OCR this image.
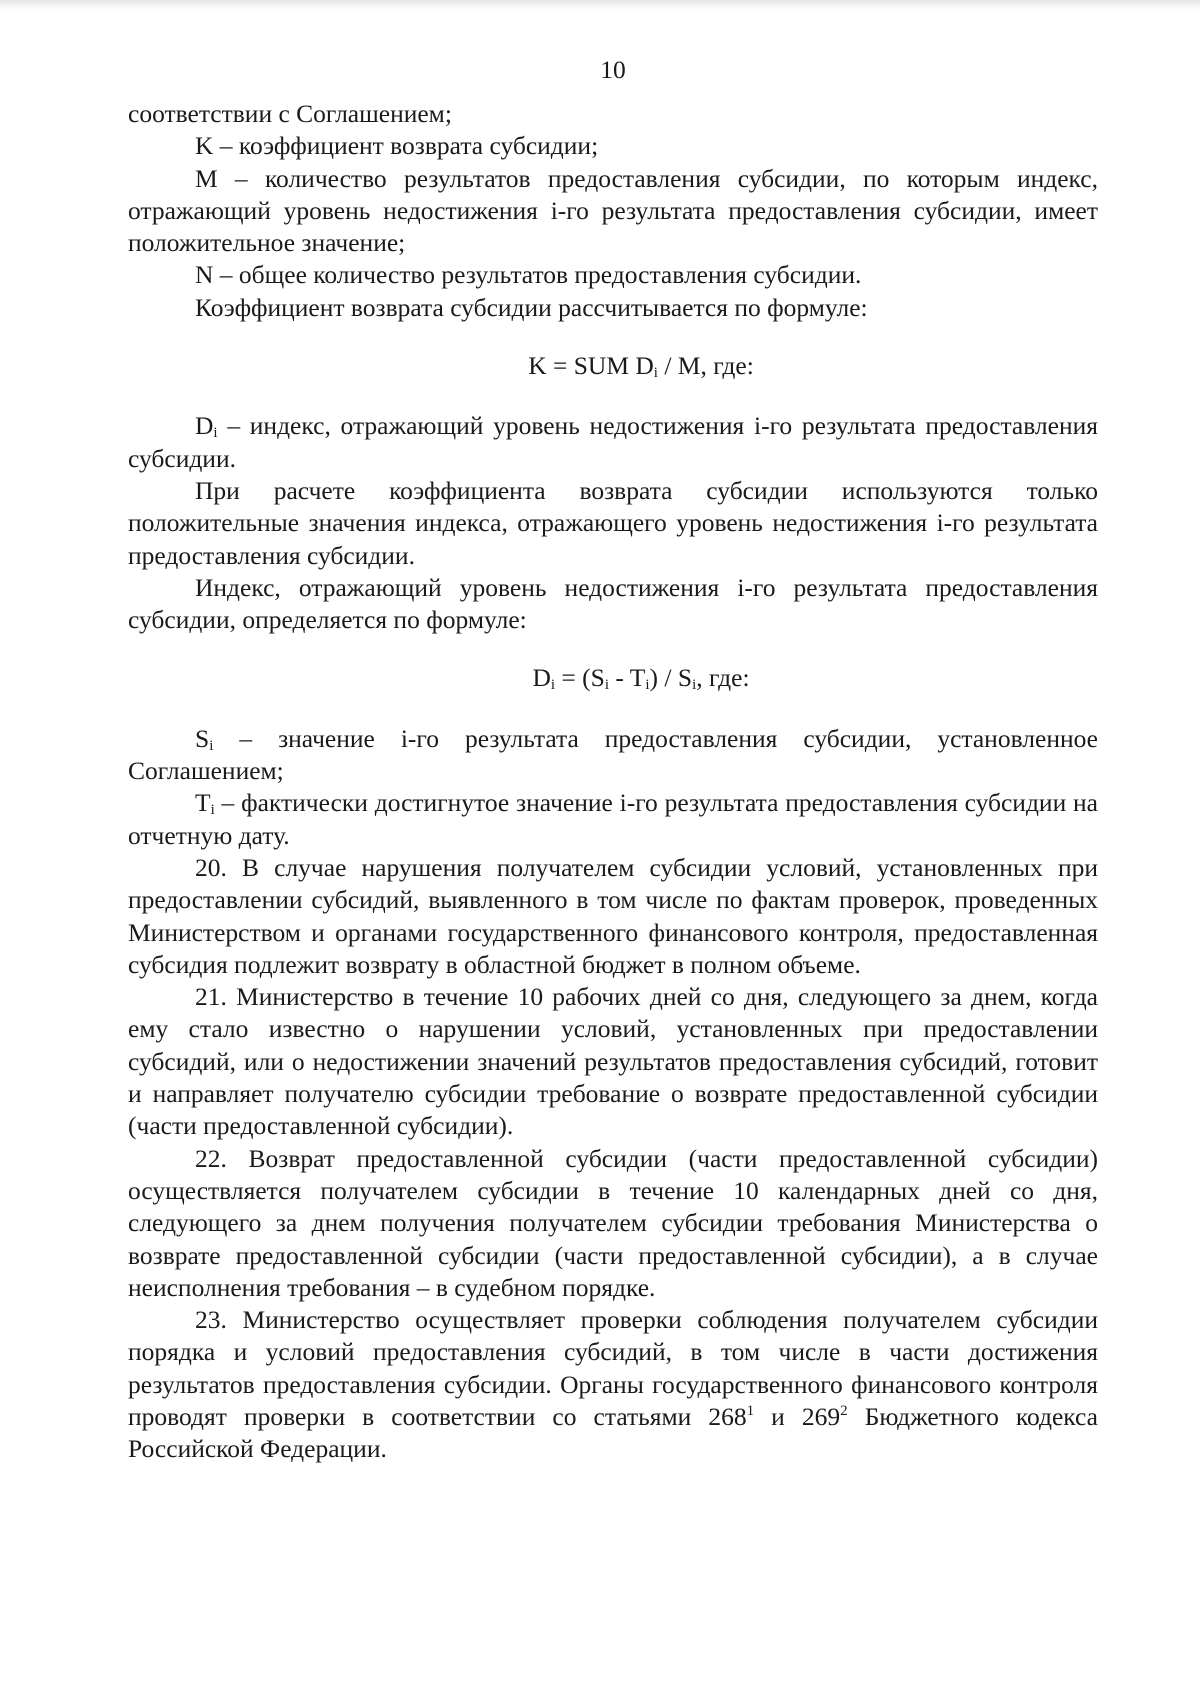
10

соответствии с Соглашением;

K – коэффициент возврата субсидии;

M – количество результатов предоставления субсидии, по которым индекс, отражающий уровень недостижения i-го результата предоставления субсидии, имеет положительное значение;

N – общее количество результатов предоставления субсидии.

Коэффициент возврата субсидии рассчитывается по формуле:

K = SUM $D_i$ / M, где:

$D_i$ – индекс, отражающий уровень недостижения i-го результата предоставления субсидии.

При расчете коэффициента возврата субсидии используются только положительные значения индекса, отражающего уровень недостижения i-го результата предоставления субсидии.

Индекс, отражающий уровень недостижения i-го результата предоставления субсидии, определяется по формуле:

$D_i = (S_i - T_i) / S_i$, где:

$S_i$ – значение i-го результата предоставления субсидии, установленное Соглашением;

$T_i$ – фактически достигнутое значение i-го результата предоставления субсидии на отчетную дату.

20. В случае нарушения получателем субсидии условий, установленных при предоставлении субсидий, выявленного в том числе по фактам проверок, проведенных Министерством и органами государственного финансового контроля, предоставленная субсидия подлежит возврату в областной бюджет в полном объеме.

21. Министерство в течение 10 рабочих дней со дня, следующего за днем, когда ему стало известно о нарушении условий, установленных при предоставлении субсидий, или о недостижении значений результатов предоставления субсидий, готовит и направляет получателю субсидии требование о возврате предоставленной субсидии (части предоставленной субсидии).

22. Возврат предоставленной субсидии (части предоставленной субсидии) осуществляется получателем субсидии в течение 10 календарных дней со дня, следующего за днем получения получателем субсидии требования Министерства о возврате предоставленной субсидии (части предоставленной субсидии), а в случае неисполнения требования – в судебном порядке.

23. Министерство осуществляет проверки соблюдения получателем субсидии порядка и условий предоставления субсидий, в том числе в части достижения результатов предоставления субсидии. Органы государственного финансового контроля проводят проверки в соответствии со статьями $268^1$ и $269^2$ Бюджетного кодекса Российской Федерации.
